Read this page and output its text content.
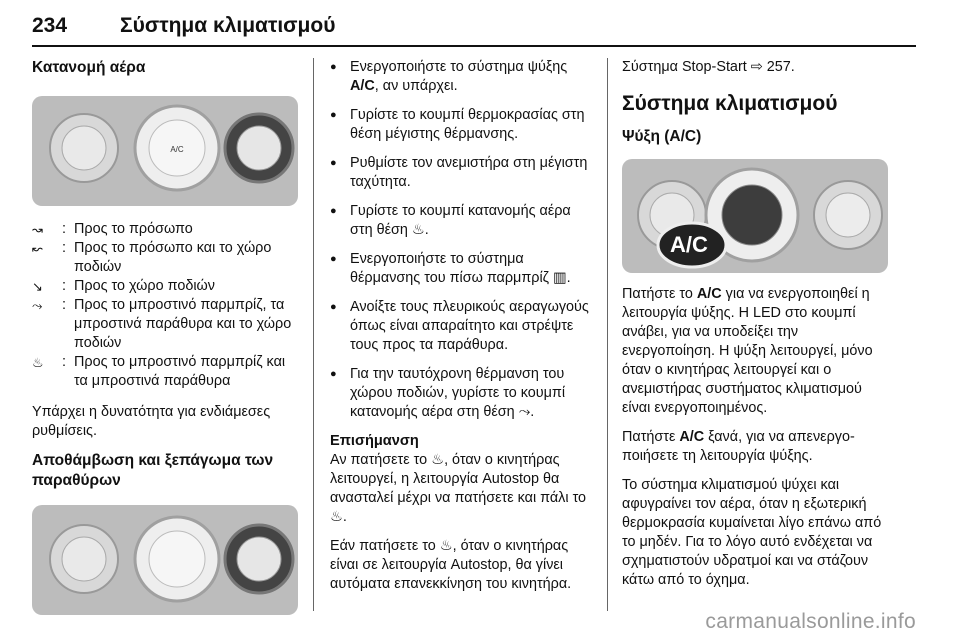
234	Σύστημα κλιματισμού
Κατανομή αέρα
A/C
↝	: Προς το πρόσωπο
↜	: Προς το πρόσωπο και το χώρο ποδιών
↘	: Προς το χώρο ποδιών
⤳	: Προς το μπροστινό παρμπρίζ, τα μπροστινά παράθυρα και το χώρο ποδιών
♨	: Προς το μπροστινό παρμπρίζ και τα μπροστινά παράθυρα

Υπάρχει η δυνατότητα για ενδιάμεσες ρυθμίσεις.

Αποθάμβωση και ξεπάγωμα των παραθύρων
● Ενεργοποιήστε το σύστημα ψύξης A/C, αν υπάρχει.
● Γυρίστε το κουμπί θερμοκρασίας στη θέση μέγιστης θέρμανσης.
● Ρυθμίστε τον ανεμιστήρα στη μέγιστη ταχύτητα.
● Γυρίστε το κουμπί κατανομής αέρα στη θέση ♨.
● Ενεργοποιήστε το σύστημα θέρμανσης του πίσω παρμπρίζ ▥.
● Ανοίξτε τους πλευρικούς αεραγωγούς όπως είναι απαραίτητο και στρέψτε τους προς τα παράθυρα.
● Για την ταυτόχρονη θέρμανση του χώρου ποδιών, γυρίστε το κουμπί κατανομής αέρα στη θέση ⤳.
Επισήμανση

Αν πατήσετε το ♨, όταν ο κινητήρας λειτουργεί, η λειτουργία Autostop θα ανασταλεί μέχρι να πατήσετε και πάλι το ♨.

Εάν πατήσετε το ♨, όταν ο κινητήρας είναι σε λειτουργία Autostop, θα γίνει αυτόματα επανεκκίνηση του κινητήρα.

Σύστημα Stop-Start ⇨ 257.

Σύστημα κλιματισμού
Ψύξη (A/C)
A/C

Πατήστε το A/C για να ενεργοποιηθεί η λειτουργία ψύξης. Η LED στο κουμπί ανάβει, για να υποδείξει την ενεργοποίηση. Η ψύξη λειτουργεί, μόνο όταν ο κινητήρας λειτουργεί και ο ανεμιστήρας συστήματος κλιματισμού είναι ενεργοποιημένος.

Πατήστε A/C ξανά, για να απενεργοποιήσετε τη λειτουργία ψύξης.

Το σύστημα κλιματισμού ψύχει και αφυγραίνει τον αέρα, όταν η εξωτερική θερμοκρασία κυμαίνεται λίγο επάνω από το μηδέν. Για το λόγο αυτό ενδέχεται να σχηματιστούν υδρατμοί και να στάζουν κάτω από το όχημα.

carmanualsonline.info
